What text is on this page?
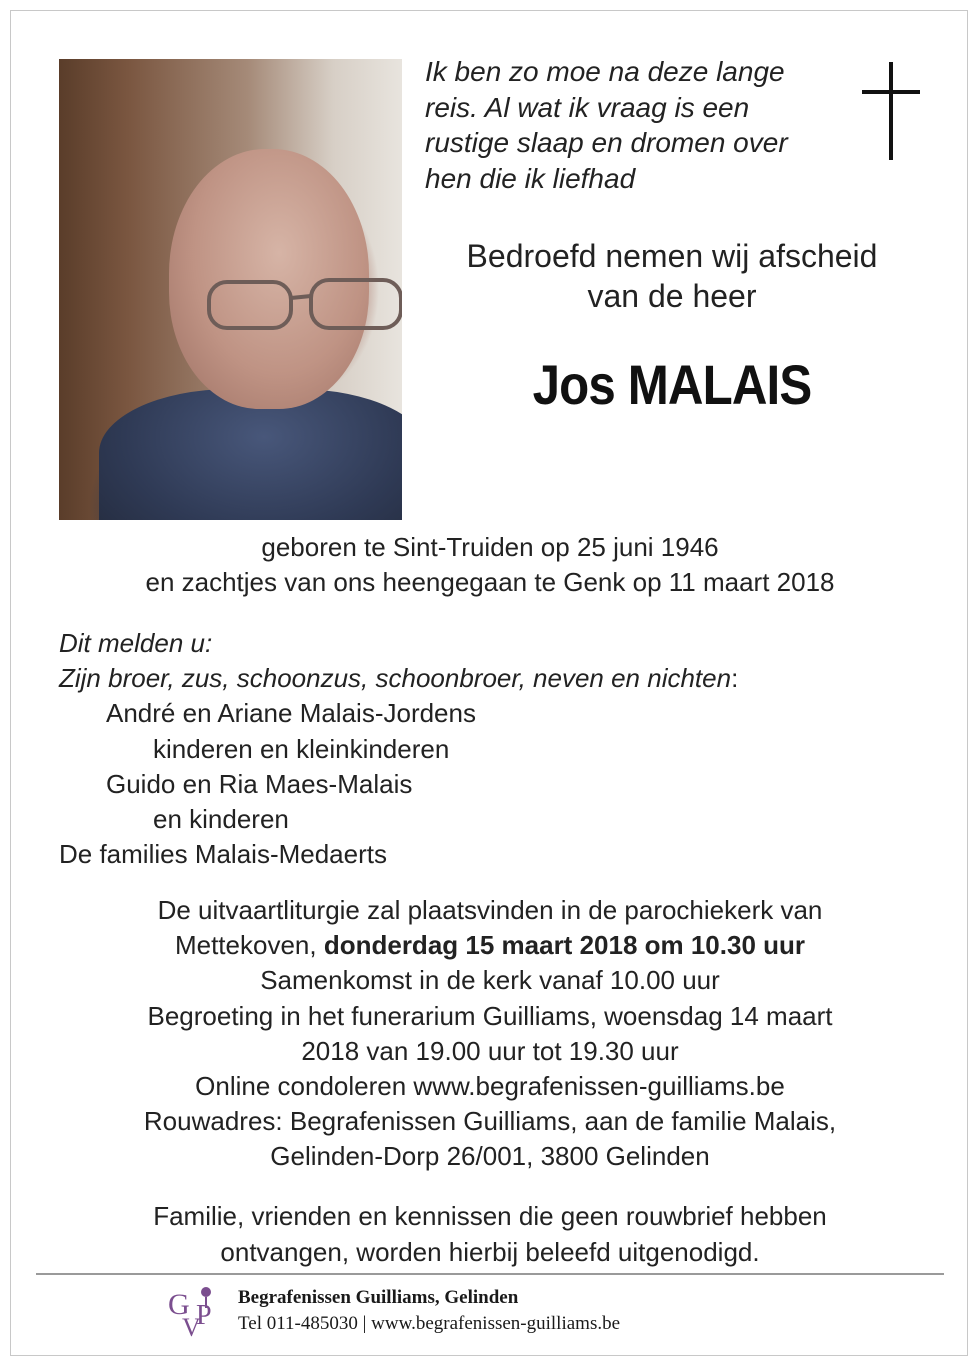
Ik ben zo moe na deze lange
reis. Al wat ik vraag is een
rustige slaap en dromen over
hen die ik liefhad
Bedroefd nemen wij afscheid
van de heer
Jos MALAIS
geboren te Sint-Truiden op 25 juni 1946
en zachtjes van ons heengegaan te Genk op 11 maart 2018
Dit melden u:
Zijn broer, zus, schoonzus, schoonbroer, neven en nichten:
André en Ariane Malais-Jordens
kinderen en kleinkinderen
Guido en Ria Maes-Malais
en kinderen
De families Malais-Medaerts
De uitvaartliturgie zal plaatsvinden in de parochiekerk van
Mettekoven, donderdag 15 maart 2018 om 10.30 uur
Samenkomst in de kerk vanaf 10.00 uur
Begroeting in het funerarium Guilliams, woensdag 14 maart
2018 van 19.00 uur tot 19.30 uur
Online condoleren www.begrafenissen-guilliams.be
Rouwadres: Begrafenissen Guilliams, aan de familie Malais,
Gelinden-Dorp 26/001, 3800 Gelinden
Familie, vrienden en kennissen die geen rouwbrief hebben
ontvangen, worden hierbij beleefd uitgenodigd.
G
V
P
Begrafenissen Guilliams, Gelinden
Tel 011-485030 | www.begrafenissen-guilliams.be
